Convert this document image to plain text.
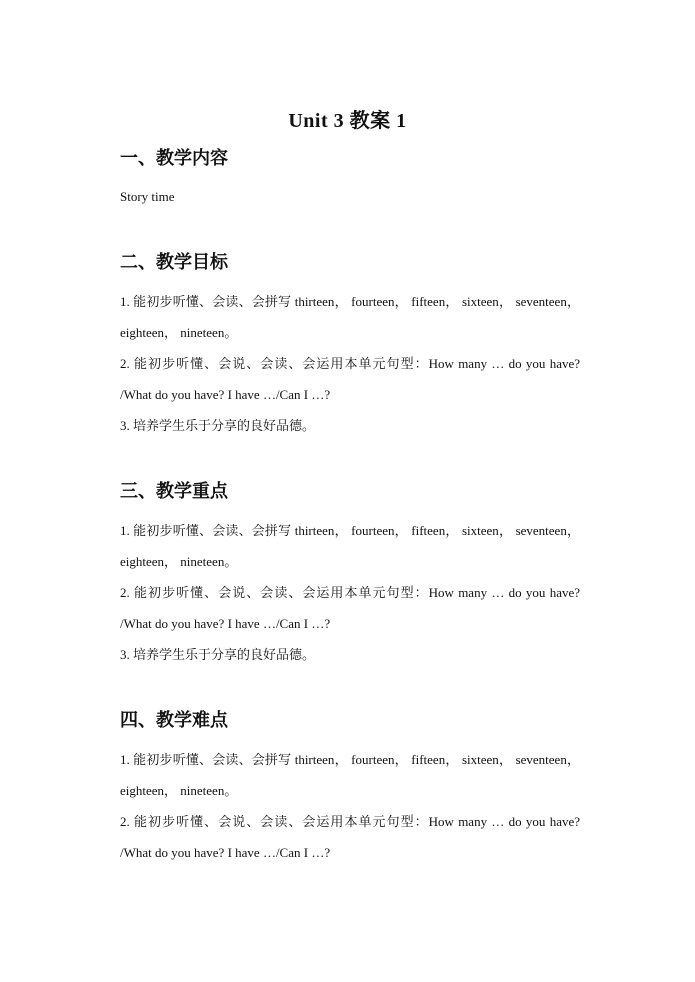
Unit 3 教案 1
一、教学内容
Story time
二、教学目标

1. 能初步听懂、会读、会拼写 thirteen， fourteen， fifteen， sixteen， seventeen，eighteen， nineteen。

2. 能初步听懂、会说、会读、会运用本单元句型：How many … do you have? /What do you have? I have …/Can I …?

3. 培养学生乐于分享的良好品德。

三、教学重点

1. 能初步听懂、会读、会拼写 thirteen， fourteen， fifteen， sixteen， seventeen，eighteen， nineteen。

2. 能初步听懂、会说、会读、会运用本单元句型：How many … do you have? /What do you have? I have …/Can I …?

3. 培养学生乐于分享的良好品德。

四、教学难点

1. 能初步听懂、会读、会拼写 thirteen， fourteen， fifteen， sixteen， seventeen，eighteen， nineteen。

2. 能初步听懂、会说、会读、会运用本单元句型：How many … do you have? /What do you have? I have …/Can I …?
